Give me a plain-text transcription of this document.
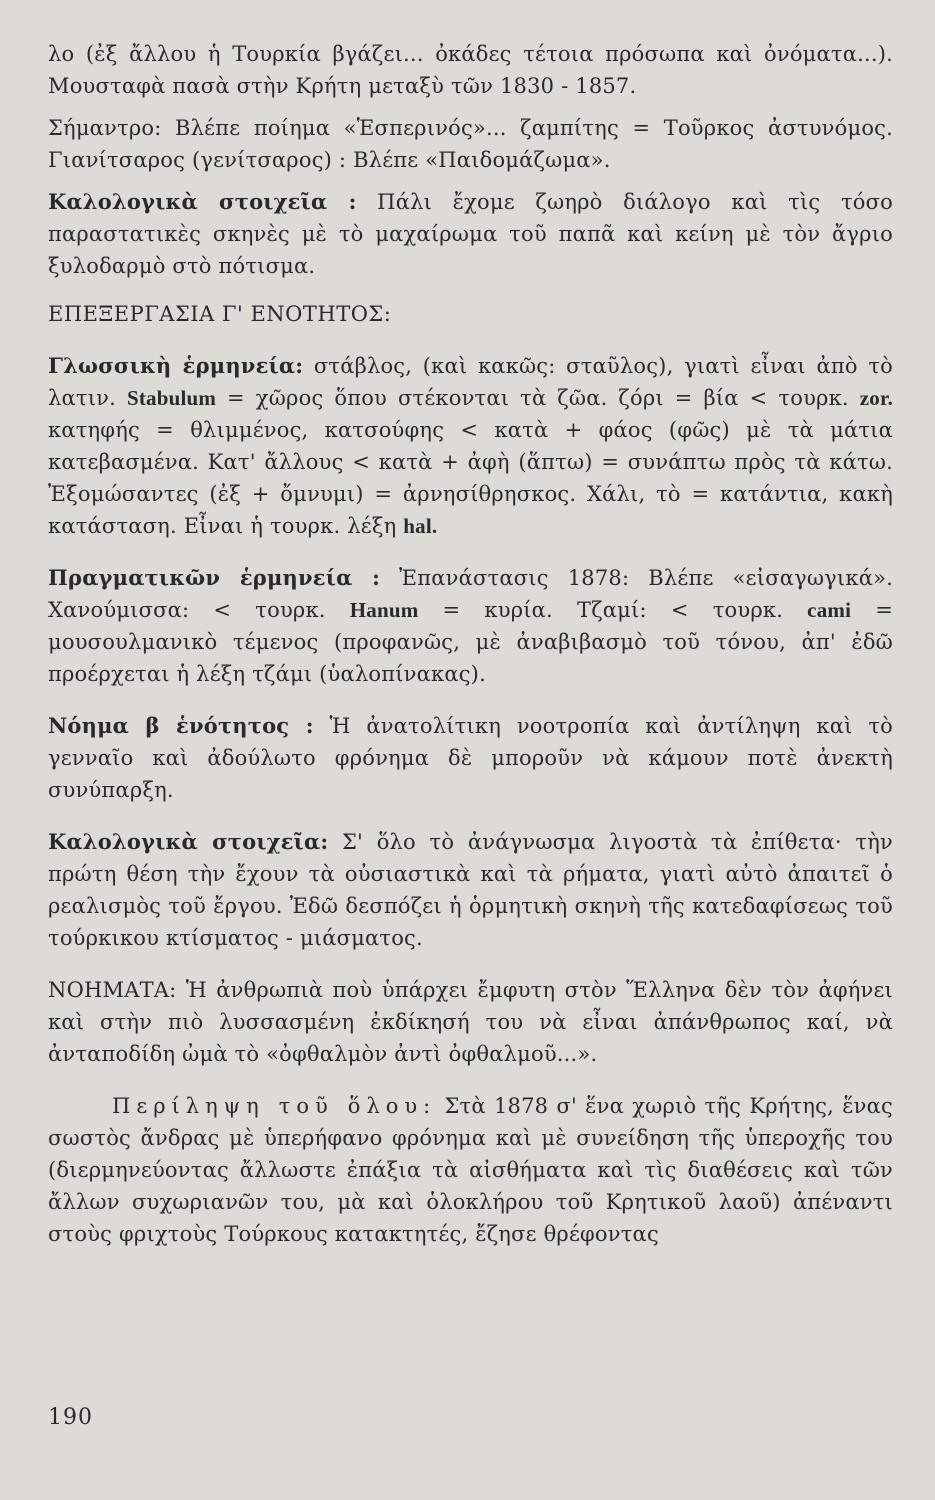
λο (ἐξ ἄλλου ἡ Τουρκία βγάζει... ὀκάδες τέτοια πρόσωπα καὶ ὀνόματα...). Μουσταφὰ πασὰ στὴν Κρήτη μεταξὺ τῶν 1830 - 1857.

Σήμαντρο: Βλέπε ποίημα «Ἑσπερινός»... ζαμπίτης = Τοῦρκος ἀστυνόμος. Γιανίτσαρος (γενίτσαρος) : Βλέπε «Παιδομάζωμα».

Καλολογικὰ στοιχεῖα : Πάλι ἔχομε ζωηρὸ διάλογο καὶ τὶς τόσο παραστατικὲς σκηνὲς μὲ τὸ μαχαίρωμα τοῦ παπᾶ καὶ κείνη μὲ τὸν ἄγριο ξυλοδαρμὸ στὸ πότισμα.

ΕΠΕΞΕΡΓΑΣΙΑ Γ' ΕΝΟΤΗΤΟΣ:

Γλωσσικὴ ἑρμηνεία: στάβλος, (καὶ κακῶς: σταῦλος), γιατὶ εἶναι ἀπὸ τὸ λατιν. Stabulum = χῶρος ὅπου στέκονται τὰ ζῶα. ζόρι = βία < τουρκ. zor. κατηφής = θλιμμένος, κατσούφης < κατὰ + φάος (φῶς) μὲ τὰ μάτια κατεβασμένα. Κατ' ἄλλους < κατὰ + ἀφὴ (ἅπτω) = συνάπτω πρὸς τὰ κάτω. Ἐξομώσαντες (ἐξ + ὄμνυμι) = ἀρνησίθρησκος. Χάλι, τὸ = κατάντια, κακὴ κατάσταση. Εἶναι ἡ τουρκ. λέξη hal.

Πραγματικῶν ἑρμηνεία : Ἐπανάστασις 1878: Βλέπε «εἰσαγωγικά». Χανούμισσα: < τουρκ. Hanum = κυρία. Τζαμί: < τουρκ. cami = μουσουλμανικὸ τέμενος (προφανῶς, μὲ ἀναβιβασμὸ τοῦ τόνου, ἀπ' ἐδῶ προέρχεται ἡ λέξη τζάμι (ὑαλοπίνακας).

Νόημα β ἑνότητος : Ἡ ἀνατολίτικη νοοτροπία καὶ ἀντίληψη καὶ τὸ γενναῖο καὶ ἀδούλωτο φρόνημα δὲ μποροῦν νὰ κάμουν ποτὲ ἀνεκτὴ συνύπαρξη.

Καλολογικὰ στοιχεῖα: Σ' ὅλο τὸ ἀνάγνωσμα λιγοστὰ τὰ ἐπίθετα· τὴν πρώτη θέση τὴν ἔχουν τὰ οὐσιαστικὰ καὶ τὰ ρήματα, γιατὶ αὐτὸ ἀπαιτεῖ ὁ ρεαλισμὸς τοῦ ἔργου. Ἐδῶ δεσπόζει ἡ ὁρμητικὴ σκηνὴ τῆς κατεδαφίσεως τοῦ τούρκικου κτίσματος - μιάσματος.

ΝΟΗΜΑΤΑ: Ἡ ἀνθρωπιὰ ποὺ ὑπάρχει ἔμφυτη στὸν Ἕλληνα δὲν τὸν ἀφήνει καὶ στὴν πιὸ λυσσασμένη ἐκδίκησή του νὰ εἶναι ἀπάνθρωπος καί, νὰ ἀνταποδίδη ὠμὰ τὸ «ὀφθαλμὸν ἀντὶ ὀφθαλμοῦ...».

Περίληψη τοῦ ὅλου: Στὰ 1878 σ' ἕνα χωριὸ τῆς Κρήτης, ἕνας σωστὸς ἄνδρας μὲ ὑπερήφανο φρόνημα καὶ μὲ συνείδηση τῆς ὑπεροχῆς του (διερμηνεύοντας ἄλλωστε ἐπάξια τὰ αἰσθήματα καὶ τὶς διαθέσεις καὶ τῶν ἄλλων συχωριανῶν του, μὰ καὶ ὁλοκλήρου τοῦ Κρητικοῦ λαοῦ) ἀπέναντι στοὺς φριχτοὺς Τούρκους κατακτητές, ἔζησε θρέφοντας

190
